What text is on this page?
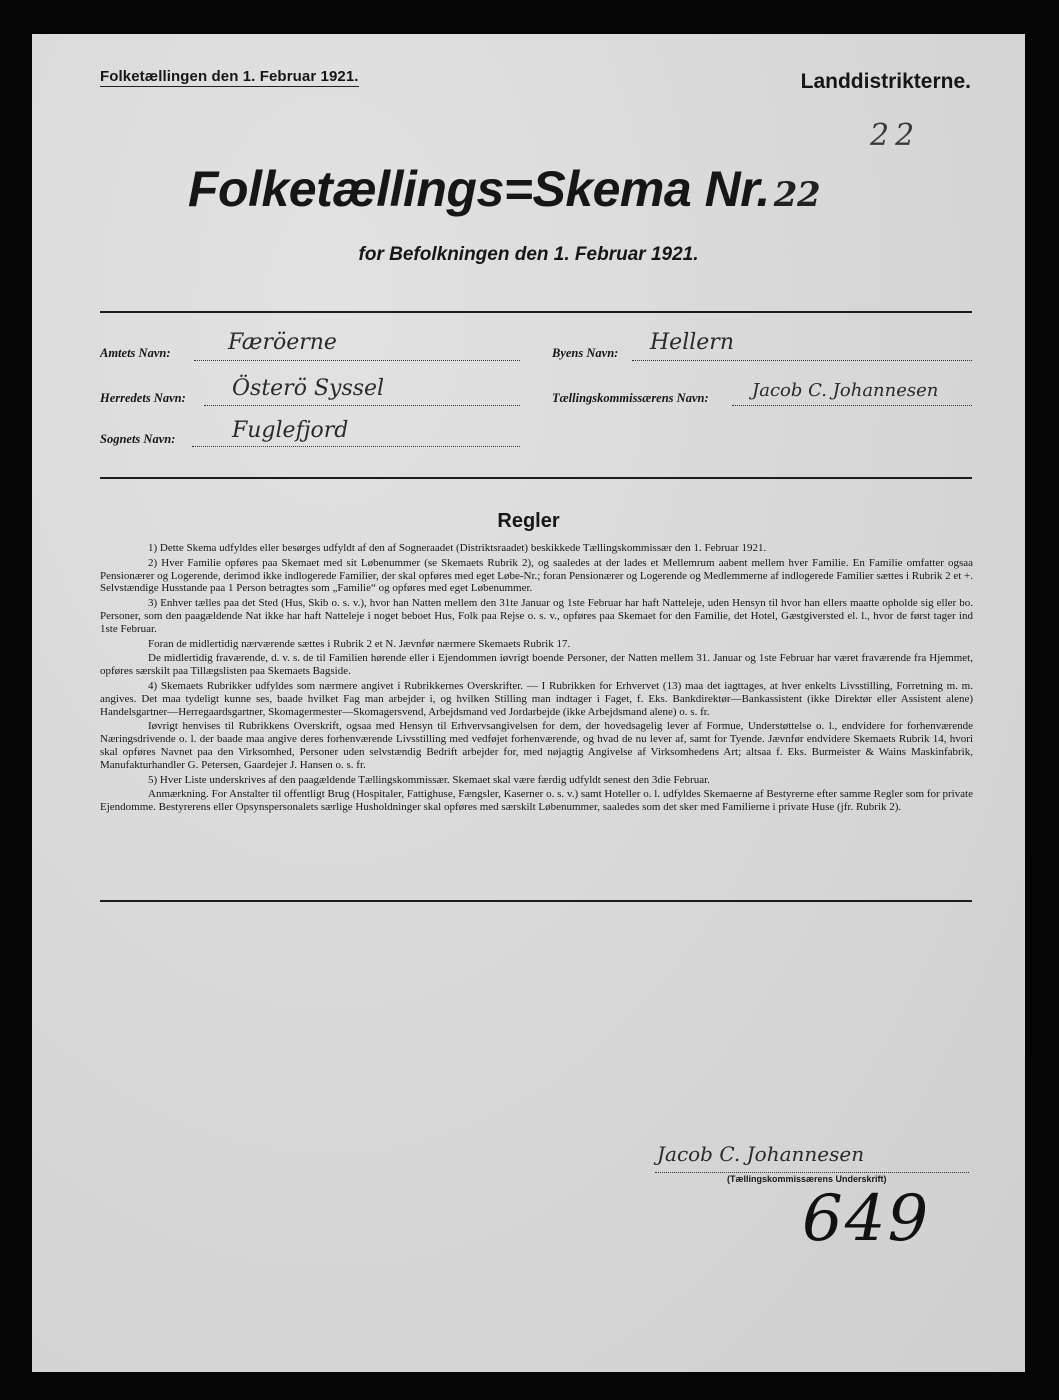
Folketællingen den 1. Februar 1921.	Landdistrikterne.
22
Folketællings=Skema Nr. 22
for Befolkningen den 1. Februar 1921.
Amtets Navn:	Færöerne	Byens Navn: Hellern
Herredets Navn: Österö Syssel	Tællingskommissærens Navn: Jacob C. Johannesen
Sognets Navn:	Fuglefjord
Regler

1) Dette Skema udfyldes eller besørges udfyldt af den af Sogneraadet (Distriktsraadet) beskikkede Tællingskommissær den 1. Februar 1921.

2) Hver Familie opføres paa Skemaet med sit Løbenummer (se Skemaets Rubrik 2), og saaledes at der lades et Mellemrum aabent mellem hver Familie. En Familie omfatter ogsaa Pensionærer og Logerende, derimod ikke indlogerede Familier, der skal opføres med eget Løbe-Nr.; foran Pensionærer og Logerende og Medlemmerne af indlogerede Familier sættes i Rubrik 2 et +. Selvstændige Husstande paa 1 Person betragtes som „Familie“ og opføres med eget Løbenummer.

3) Enhver tælles paa det Sted (Hus, Skib o. s. v.), hvor han Natten mellem den 31te Januar og 1ste Februar har haft Natteleje, uden Hensyn til hvor han ellers maatte opholde sig eller bo. Personer, som den paagældende Nat ikke har haft Natteleje i noget beboet Hus, Folk paa Rejse o. s. v., opføres paa Skemaet for den Familie, det Hotel, Gæstgiversted el. l., hvor de først tager ind 1ste Februar.

Foran de midlertidig nærværende sættes i Rubrik 2 et N. Jævnfør nærmere Skemaets Rubrik 17.

De midlertidig fraværende, d. v. s. de til Familien hørende eller i Ejendommen iøvrigt boende Personer, der Natten mellem 31. Januar og 1ste Februar har været fraværende fra Hjemmet, opføres særskilt paa Tillægslisten paa Skemaets Bagside.

4) Skemaets Rubrikker udfyldes som nærmere angivet i Rubrikkernes Overskrifter. — I Rubrikken for Erhvervet (13) maa det iagttages, at hver enkelts Livsstilling, Forretning m. m. angives. Det maa tydeligt kunne ses, baade hvilket Fag man arbejder i, og hvilken Stilling man indtager i Faget, f. Eks. Bankdirektør—Bankassistent (ikke Direktør eller Assistent alene) Handelsgartner—Herregaardsgartner, Skomagermester—Skomagersvend, Arbejdsmand ved Jordarbejde (ikke Arbejdsmand alene) o. s. fr.

Iøvrigt henvises til Rubrikkens Overskrift, ogsaa med Hensyn til Erhvervsangivelsen for dem, der hovedsagelig lever af Formue, Understøttelse o. l., endvidere for forhenværende Næringsdrivende o. l. der baade maa angive deres forhenværende Livsstilling med vedføjet forhenværende, og hvad de nu lever af, samt for Tyende. Jævnfør endvidere Skemaets Rubrik 14, hvori skal opføres Navnet paa den Virksomhed, Personer uden selvstændig Bedrift arbejder for, med nøjagtig Angivelse af Virksomhedens Art; altsaa f. Eks. Burmeister & Wains Maskinfabrik, Manufakturhandler G. Petersen, Gaardejer J. Hansen o. s. fr.

5) Hver Liste underskrives af den paagældende Tællingskommissær. Skemaet skal være færdig udfyldt senest den 3die Februar.

Anmærkning. For Anstalter til offentligt Brug (Hospitaler, Fattighuse, Fængsler, Kaserner o. s. v.) samt Hoteller o. l. udfyldes Skemaerne af Bestyrerne efter samme Regler som for private Ejendomme. Bestyrerens eller Opsynspersonalets særlige Husholdninger skal opføres med særskilt Løbenummer, saaledes som det sker med Familierne i private Huse (jfr. Rubrik 2).

Jacob C. Johannesen
(Tællingskommissærens Underskrift)
649
